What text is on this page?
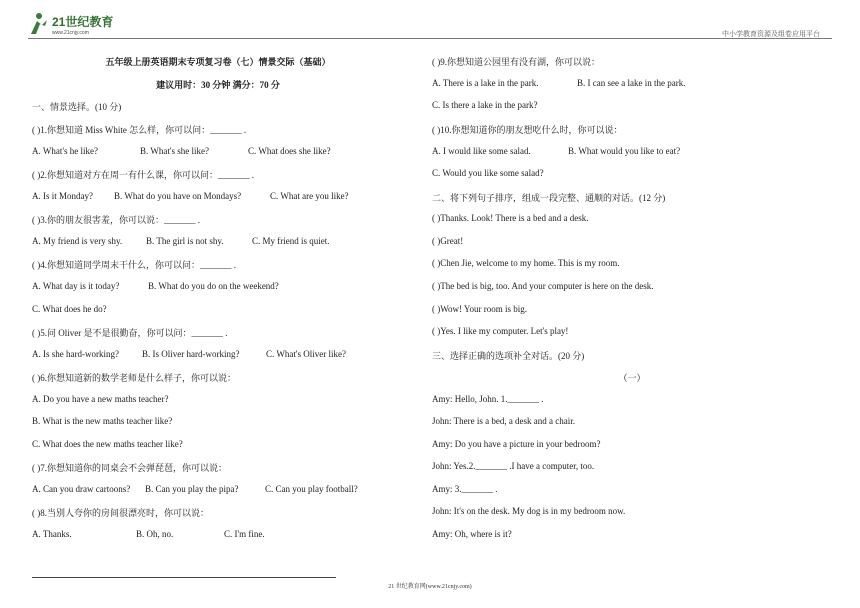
21世纪教育
www.21cnjy.com	中小学教育资源及组卷应用平台
五年级上册英语期末专项复习卷（七）情景交际（基础）
建议用时：30 分钟 满分：70 分
一、情景选择。(10 分)
( )1.你想知道 Miss White 怎么样，你可以问：_______ .
A. What's he like?	B. What's she like?	C. What does she like?
( )2.你想知道对方在周一有什么课，你可以问：_______ .
A. Is it Monday? B. What do you have on Mondays?	C. What are you like?
( )3.你的朋友很害羞，你可以说：_______ .
A. My friend is very shy.	B. The girl is not shy.	C. My friend is quiet.
( )4.你想知道同学周末干什么，你可以问：_______ .
A. What day is it today?	B. What do you do on the weekend?
C. What does he do?
( )5.问 Oliver 是不是很勤奋，你可以问：_______ .
A. Is she hard-working?	B. Is Oliver hard-working?	C. What's Oliver like?
( )6.你想知道新的数学老师是什么样子，你可以说：
A. Do you have a new maths teacher?
B. What is the new maths teacher like?
C. What does the new maths teacher like?
( )7.你想知道你的同桌会不会弹琵琶，你可以说：
A. Can you draw cartoons? B. Can you play the pipa?	C. Can you play football?
( )8.当别人夸你的房间很漂亮时，你可以说：
A. Thanks.	B. Oh, no.	C. I'm fine.
( )9.你想知道公园里有没有湖，你可以说：
A. There is a lake in the park.	B. I can see a lake in the park.
C. Is there a lake in the park?
( )10.你想知道你的朋友想吃什么时，你可以说：
A. I would like some salad.	B. What would you like to eat?
C. Would you like some salad?
二、将下列句子排序，组成一段完整、通顺的对话。(12 分)
( )Thanks. Look! There is a bed and a desk.
( )Great!
( )Chen Jie, welcome to my home. This is my room.
( )The bed is big, too. And your computer is here on the desk.
( )Wow! Your room is big.
( )Yes. I like my computer. Let's play!
三、选择正确的选项补全对话。(20 分)
（一）
Amy: Hello, John. 1._______ .
John: There is a bed, a desk and a chair.
Amy: Do you have a picture in your bedroom?
John: Yes.2._______ .I have a computer, too.
Amy: 3._______ .
John: It's on the desk. My dog is in my bedroom now.
Amy: Oh, where is it?
21 世纪教育网(www.21cnjy.com)
